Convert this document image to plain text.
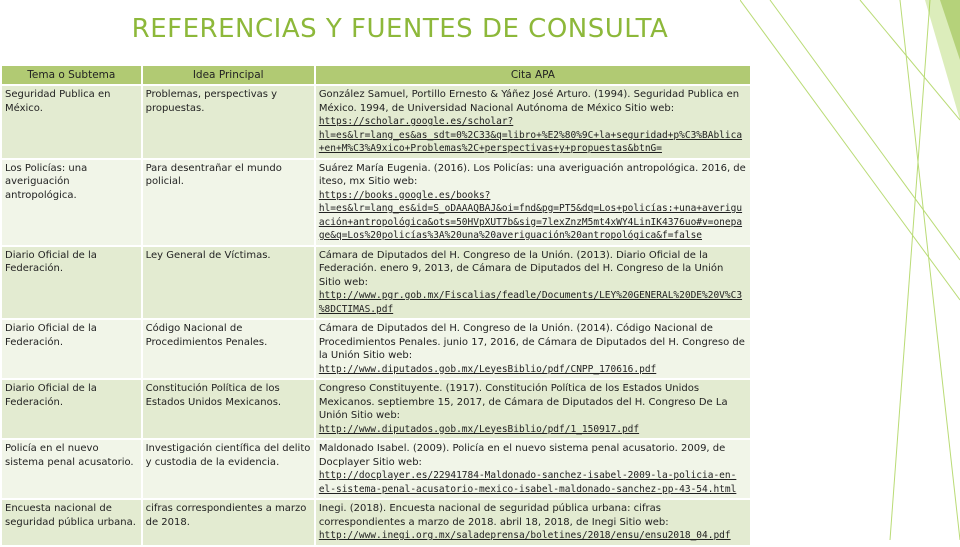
REFERENCIAS Y FUENTES DE CONSULTA
Tema o Subtema	Idea Principal	Cita APA
Seguridad Publica en México.	Problemas, perspectivas y propuestas.	González Samuel, Portillo Ernesto & Yáñez José Arturo. (1994). Seguridad Publica en México. 1994, de Universidad Nacional Autónoma de México Sitio web:
https://scholar.google.es/scholar?hl=es&lr=lang_es&as_sdt=0%2C33&q=libro+%E2%80%9C+la+seguridad+p%C3%BAblica+en+M%C3%A9xico+Problemas%2C+perspectivas+y+propuestas&btnG=
Los Policías: una averiguación antropológica.	Para desentrañar el mundo policial.	Suárez María Eugenia. (2016). Los Policías: una averiguación antropológica. 2016, de iteso, mx Sitio web:
https://books.google.es/books?hl=es&lr=lang_es&id=S_oDAAAQBAJ&oi=fnd&pg=PT5&dq=Los+policías:+una+averiguación+antropológica&ots=50HVpXUT7b&sig=7lexZnzM5mt4xWY4LinIK4376uo#v=onepage&q=Los%20policías%3A%20una%20averiguación%20antropológica&f=false
Diario Oficial de la Federación.	Ley General de Víctimas.	Cámara de Diputados del H. Congreso de la Unión. (2013). Diario Oficial de la Federación. enero 9, 2013, de Cámara de Diputados del H. Congreso de la Unión Sitio web:
http://www.pgr.gob.mx/Fiscalias/feadle/Documents/LEY%20GENERAL%20DE%20V%C3%8DCTIMAS.pdf
Diario Oficial de la Federación.	Código Nacional de Procedimientos Penales.	Cámara de Diputados del H. Congreso de la Unión. (2014). Código Nacional de Procedimientos Penales. junio 17, 2016, de Cámara de Diputados del H. Congreso de la Unión Sitio web:
http://www.diputados.gob.mx/LeyesBiblio/pdf/CNPP_170616.pdf
Diario Oficial de la Federación.	Constitución Política de los Estados Unidos Mexicanos.	Congreso Constituyente. (1917). Constitución Política de los Estados Unidos Mexicanos. septiembre 15, 2017, de Cámara de Diputados del H. Congreso De La Unión Sitio web:
http://www.diputados.gob.mx/LeyesBiblio/pdf/1_150917.pdf
Policía en el nuevo sistema penal acusatorio.	Investigación científica del delito y custodia de la evidencia.	Maldonado Isabel. (2009). Policía en el nuevo sistema penal acusatorio. 2009, de Docplayer Sitio web:
http://docplayer.es/22941784-Maldonado-sanchez-isabel-2009-la-policia-en-el-sistema-penal-acusatorio-mexico-isabel-maldonado-sanchez-pp-43-54.html
Encuesta nacional de seguridad pública urbana.	cifras correspondientes a marzo de 2018.	Inegi. (2018). Encuesta nacional de seguridad pública urbana: cifras correspondientes a marzo de 2018. abril 18, 2018, de Inegi Sitio web:
http://www.inegi.org.mx/saladeprensa/boletines/2018/ensu/ensu2018_04.pdf
